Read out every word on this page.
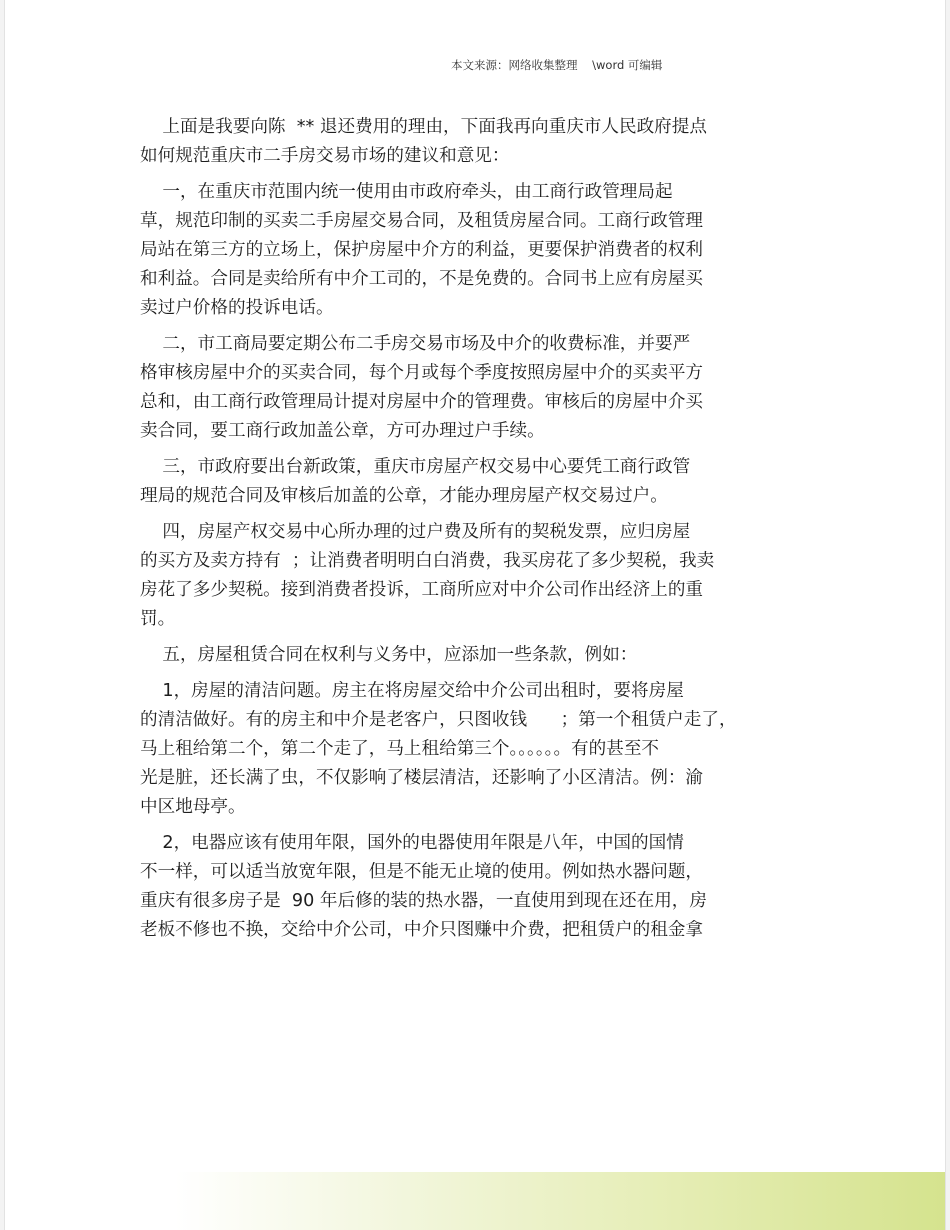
本文来源：网络收集整理 \word 可编辑
上面是我要向陈  ** 退还费用的理由，下面我再向重庆市人民政府提点
如何规范重庆市二手房交易市场的建议和意见：
一，在重庆市范围内统一使用由市政府牵头，由工商行政管理局起
草，规范印制的买卖二手房屋交易合同，及租赁房屋合同。工商行政管理
局站在第三方的立场上，保护房屋中介方的利益，更要保护消费者的权利
和利益。合同是卖给所有中介工司的，不是免费的。合同书上应有房屋买
卖过户价格的投诉电话。
二，市工商局要定期公布二手房交易市场及中介的收费标准，并要严
格审核房屋中介的买卖合同，每个月或每个季度按照房屋中介的买卖平方
总和，由工商行政管理局计提对房屋中介的管理费。审核后的房屋中介买
卖合同，要工商行政加盖公章，方可办理过户手续。
三，市政府要出台新政策，重庆市房屋产权交易中心要凭工商行政管
理局的规范合同及审核后加盖的公章，才能办理房屋产权交易过户。
四，房屋产权交易中心所办理的过户费及所有的契税发票，应归房屋
的买方及卖方持有  ；让消费者明明白白消费，我买房花了多少契税，我卖
房花了多少契税。接到消费者投诉，工商所应对中介公司作出经济上的重
罚。
五，房屋租赁合同在权利与义务中，应添加一些条款，例如：
1，房屋的清洁问题。房主在将房屋交给中介公司出租时，要将房屋
的清洁做好。有的房主和中介是老客户，只图收钱      ；第一个租赁户走了，
马上租给第二个，第二个走了，马上租给第三个。。。。。。有的甚至不
光是脏，还长满了虫，不仅影响了楼层清洁，还影响了小区清洁。例：渝
中区地母亭。
2，电器应该有使用年限，国外的电器使用年限是八年，中国的国情
不一样，可以适当放宽年限，但是不能无止境的使用。例如热水器问题，
重庆有很多房子是  90 年后修的装的热水器，一直使用到现在还在用，房
老板不修也不换，交给中介公司，中介只图赚中介费，把租赁户的租金拿
